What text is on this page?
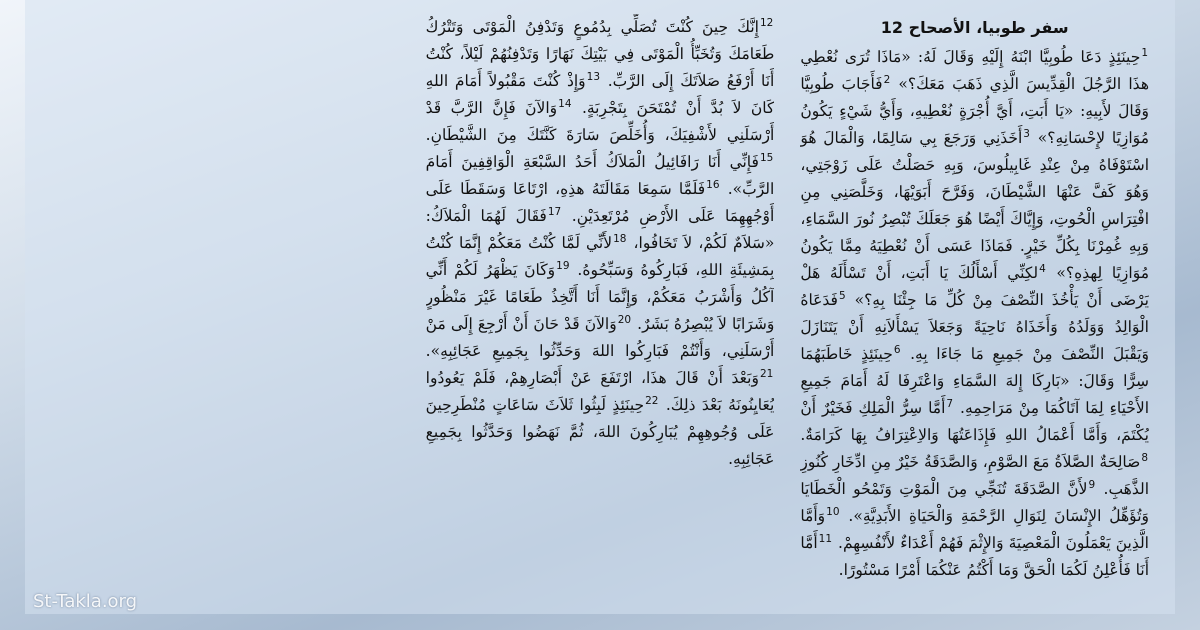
سفر طوبيا، الأصحاح 12
$^1$حِينَئِذٍ دَعَا طُوبِيَّا ابْنَهُ إِلَيْهِ وَقَالَ لَهُ: «مَاذَا تُرَى نُعْطِي هذَا الرَّجُلَ الْقِدِّيسَ الَّذِي ذَهَبَ مَعَكَ؟» $^2$فَأَجَابَ طُوبِيَّا وَقَالَ لأَبِيهِ: «يَا أَبَتِ، أَيَّ أُجْرَةٍ نُعْطِيهِ، وَأَيُّ شَيْءٍ يَكُونُ مُوَازِيًا لإِحْسَانِهِ؟» $^3$أَخَذَنِي وَرَجَعَ بِي سَالِمًا، وَالْمَالَ هُوَ اسْتَوْفَاهُ مِنْ عِنْدِ غَابِيلُوسَ، وَبِهِ حَصَلْتُ عَلَى زَوْجَتِي، وَهُوَ كَفَّ عَنْهَا الشَّيْطَانَ، وَفَرَّحَ أَبَوَيْهَا، وَخَلَّصَنِي مِنِ افْتِرَاسِ الْحُوتِ، وَإِيَّاكَ أَيْضًا هُوَ جَعَلَكَ تُبْصِرُ نُورَ السَّمَاءِ، وَبِهِ غُمِرْنَا بِكُلِّ خَيْرٍ. فَمَاذَا عَسَى أَنْ نُعْطِيَهُ مِمَّا يَكُونُ مُوَازِيًا لِهذِهِ؟» $^4$لكِنِّي أَسْأَلُكَ يَا أَبَتِ، أَنْ تَسْأَلَهُ هَلْ يَرْضَى أَنْ يَأْخُذَ النِّصْفَ مِنْ كُلِّ مَا جِئْنَا بِهِ؟» $^5$فَدَعَاهُ الْوَالِدُ وَوَلَدُهُ وَأَخَذَاهُ نَاحِيَةً وَجَعَلاَ يَسْأَلاَنِهِ أَنْ يَتَنَازَلَ وَيَقْبَلَ النِّصْفَ مِنْ جَمِيعِ مَا جَاءَا بِهِ. $^6$حِينَئِذٍ خَاطَبَهُمَا سِرًّا وَقَالَ: «بَارِكَا إِلهَ السَّمَاءِ وَاعْتَرِفَا لَهُ أَمَامَ جَمِيعِ الأَحْيَاءِ لِمَا آتَاكُمَا مِنْ مَرَاحِمِهِ. $^7$أَمَّا سِرُّ الْمَلِكِ فَخَيْرٌ أَنْ يُكْتَمَ، وَأَمَّا أَعْمَالُ اللهِ فَإِذَاعَتُهَا وَالاِعْتِرَافُ بِهَا كَرَامَةٌ. $^8$صَالِحَةٌ الصَّلاَةُ مَعَ الصَّوْمِ، وَالصَّدَقَةُ خَيْرٌ مِنِ ادِّخَارِ كُنُوزِ الذَّهَبِ. $^9$لأَنَّ الصَّدَقَةَ تُنَجِّي مِنَ الْمَوْتِ وَتَمْحُو الْخَطَايَا وَتُؤَهِّلُ الإِنْسَانَ لِنَوَالِ الرَّحْمَةِ وَالْحَيَاةِ الأَبَدِيَّةِ». $^{10}$وَأَمَّا الَّذِينَ يَعْمَلُونَ الْمَعْصِيَةَ وَالإِثْمَ فَهُمْ أَعْدَاءٌ لأَنْفُسِهِمْ. $^{11}$أَمَّا أَنَا فَأُعْلِنُ لَكُمَا الْحَقَّ وَمَا أَكْتُمُ عَنْكُمَا أَمْرًا مَسْتُورًا.
$^{12}$إِنَّكَ حِينَ كُنْتَ تُصَلِّي بِدُمُوعٍ وَتَدْفِنُ الْمَوْتَى وَتَتْرُكُ طَعَامَكَ وَتُخَبِّأُ الْمَوْتَى فِي بَيْتِكَ نَهَارًا وَتَدْفِنُهُمْ لَيْلاً، كُنْتُ أَنَا أَرْفَعُ صَلاَتَكَ إِلَى الرَّبِّ. $^{13}$وَإِذْ كُنْتَ مَقْبُولاً أَمَامَ اللهِ كَانَ لاَ بُدَّ أَنْ تُمْتَحَنَ بِتَجْرِبَةٍ. $^{14}$وَالآنَ فَإِنَّ الرَّبَّ قَدْ أَرْسَلَنِي لأَشْفِيَكَ، وَأُخَلِّصَ سَارَةَ كَنَّتَكَ مِنَ الشَّيْطَانِ. $^{15}$فَإِنِّي أَنَا رَافَائِيلُ الْمَلاَكُ أَحَدُ السَّبْعَةِ الْوَاقِفِينَ أَمَامَ الرَّبِّ». $^{16}$فَلَمَّا سَمِعَا مَقَالَتَهُ هذِهِ، ارْتَاعَا وَسَقَطَا عَلَى أَوْجُهِهِمَا عَلَى الأَرْضِ مُرْتَعِدَيْنِ. $^{17}$فَقَالَ لَهُمَا الْمَلاَكُ: «سَلاَمٌ لَكُمْ، لاَ تَخَافُوا، $^{18}$لأَنِّي لَمَّا كُنْتُ مَعَكُمْ إِنَّمَا كُنْتُ بِمَشِيئَةِ اللهِ، فَبَارِكُوهُ وَسَبِّحُوهُ. $^{19}$وَكَانَ يَظْهَرُ لَكُمْ أَنِّي آكُلُ وَأَشْرَبُ مَعَكُمْ، وَإِنَّمَا أَنَا أَتَّخِذُ طَعَامًا غَيْرَ مَنْظُورٍ وَشَرَابًا لاَ يُبْصِرُهُ بَشَرٌ. $^{20}$وَالآنَ قَدْ حَانَ أَنْ أَرْجِعَ إِلَى مَنْ أَرْسَلَنِي، وَأَنْتُمْ فَبَارِكُوا اللهَ وَحَدِّثُوا بِجَمِيعِ عَجَائِبِهِ». $^{21}$وَبَعْدَ أَنْ قَالَ هذَا، ارْتَفَعَ عَنْ أَبْصَارِهِمْ، فَلَمْ يَعُودُوا يُعَايِنُونَهُ بَعْدَ ذلِكَ. $^{22}$حِينَئِذٍ لَبِثُوا ثَلاَثَ سَاعَاتٍ مُنْطَرِحِينَ عَلَى وُجُوهِهِمْ يُبَارِكُونَ اللهَ، ثُمَّ نَهَضُوا وَحَدَّثُوا بِجَمِيعِ عَجَائِبِهِ.
St-Takla.org
